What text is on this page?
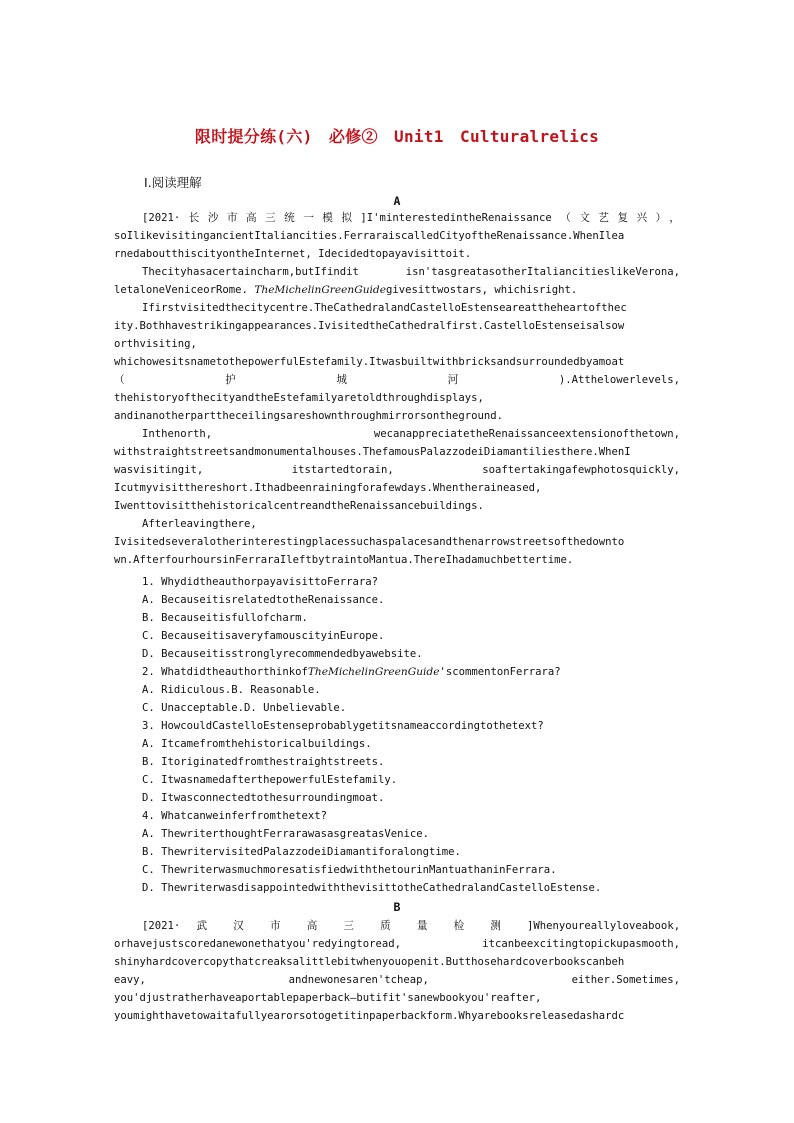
限时提分练(六)　必修②　Unit1　Culturalrelics
Ⅰ.阅读理解
A
[2021·长沙市高三统一模拟]I'minterestedintheRenaissance（文艺复兴），
soIlikevisitingancientItaliancities.FerraraiscalledCityoftheRenaissance.WhenIlea
rnedaboutthiscityontheInternet, Idecidedtopayavisittoit.
Thecityhasacertaincharm,butIfindit isn'tasgreatasotherItaliancitieslikeVerona,
letaloneVeniceorRome. TheMichelinGreenGuidegivesittwostars, whichisright.
Ifirstvisitedthecitycentre.TheCathedralandCastelloEstenseareattheheartofthec
ity.Bothhavestrikingappearances.IvisitedtheCathedralfirst.CastelloEstenseisalsow
orthvisiting,
whichowesitsnametothepowerfulEstefamily.Itwasbuiltwithbricksandsurroundedbyamoat
（	护	城	河	).Atthelowerlevels,
thehistoryofthecityandtheEstefamilyaretoldthroughdisplays,
andinanotherparttheceilingsareshownthroughmirrorsontheground.
Inthenorth,	wecanappreciatetheRenaissanceextensionofthetown,
withstraightstreetsandmonumentalhouses.ThefamousPalazzodeiDiamantiliesthere.WhenI
wasvisitingit,	itstartedtorain,	soaftertakingafewphotosquickly,
Icutmyvisitthereshort.Ithadbeenrainingforafewdays.Whentheraineased,
IwenttovisitthehistoricalcentreandtheRenaissancebuildings.
Afterleavingthere,
Ivisitedseveralotherinterestingplacessuchaspalacesandthenarrowstreetsofthedownto
wn.AfterfourhoursinFerraraIleftbytraintoMantua.ThereIhadamuchbettertime.
1. WhydidtheauthorpayavisittoFerrara?
A. BecauseitisrelatedtotheRenaissance.
B. Becauseitisfullofcharm.
C. BecauseitisaveryfamouscityinEurope.
D. Becauseitisstronglyrecommendedbyawebsite.
2. WhatdidtheauthorthinkofTheMichelinGreenGuide'scommentonFerrara?
A. Ridiculous.B. Reasonable.
C. Unacceptable.D. Unbelievable.
3. HowcouldCastelloEstenseprobablygetitsnameaccordingtothetext?
A. Itcamefromthehistoricalbuildings.
B. Itoriginatedfromthestraightstreets.
C. ItwasnamedafterthepowerfulEstefamily.
D. Itwasconnectedtothesurroundingmoat.
4. Whatcanweinferfromthetext?
A. ThewriterthoughtFerrarawasasgreatasVenice.
B. ThewritervisitedPalazzodeiDiamantiforalongtime.
C. ThewriterwasmuchmoresatisfiedwiththetourinMantuathaninFerrara.
D. ThewriterwasdisappointedwiththevisittotheCathedralandCastelloEstense.
B
[2021· 武 汉 市 高 三 质 量 检 测 ]Whenyoureallyloveabook,
orhavejustscoredanewonethatyou'redyingtoread,	itcanbeexcitingtopickupasmooth,
shinyhardcovercopythatcreaksalittlebitwhenyouopenit.Butthosehardcoverbookscanbeh
eavy,	andnewonesaren'tcheap,	either.Sometimes,
you'djustratherhaveaportablepaperback—butifit'sanewbookyou'reafter,
youmighthavetowaitafullyearorsotogetitinpaperbackform.Whyarebooksreleasedashardc
